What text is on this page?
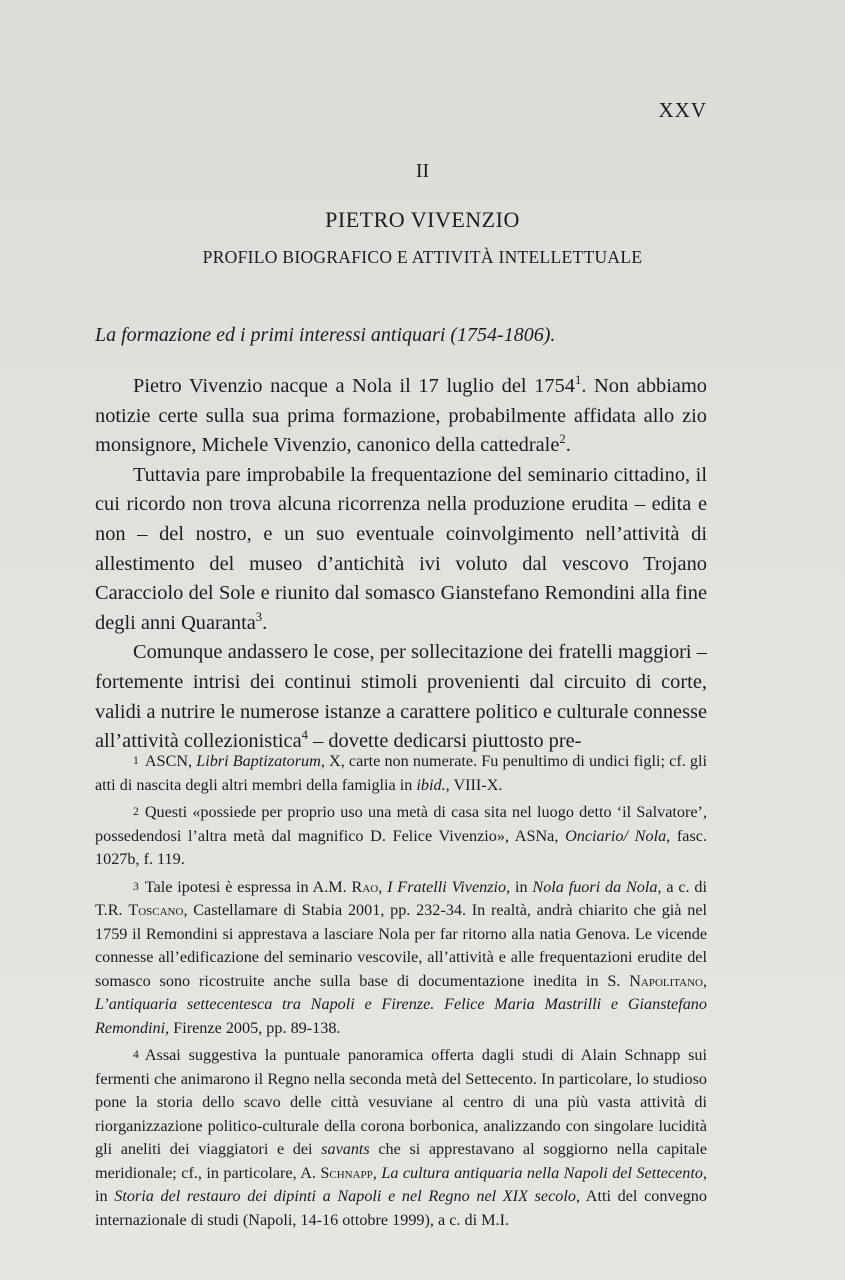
XXV
II
PIETRO VIVENZIO
PROFILO BIOGRAFICO E ATTIVITÀ INTELLETTUALE
La formazione ed i primi interessi antiquari (1754-1806).

Pietro Vivenzio nacque a Nola il 17 luglio del 1754$^1$. Non abbiamo notizie certe sulla sua prima formazione, probabilmente affidata allo zio monsignore, Michele Vivenzio, canonico della cattedrale$^2$.

Tuttavia pare improbabile la frequentazione del seminario cittadino, il cui ricordo non trova alcuna ricorrenza nella produzione erudita – edita e non – del nostro, e un suo eventuale coinvolgimento nell’attività di allestimento del museo d’antichità ivi voluto dal vescovo Trojano Caracciolo del Sole e riunito dal somasco Gianstefano Remondini alla fine degli anni Quaranta$^3$.

Comunque andassero le cose, per sollecitazione dei fratelli maggiori – fortemente intrisi dei continui stimoli provenienti dal circuito di corte, validi a nutrire le numerose istanze a carattere politico e culturale connesse all’attività collezionistica$^4$ – dovette dedicarsi piuttosto pre-

1 ASCN, Libri Baptizatorum, X, carte non numerate. Fu penultimo di undici figli; cf. gli atti di nascita degli altri membri della famiglia in ibid., VIII-X.

2 Questi «possiede per proprio uso una metà di casa sita nel luogo detto ‘il Salvatore’, possedendosi l’altra metà dal magnifico D. Felice Vivenzio», ASNa, Onciario/ Nola, fasc. 1027b, f. 119.

3 Tale ipotesi è espressa in A.M. Rao, I Fratelli Vivenzio, in Nola fuori da Nola, a c. di T.R. Toscano, Castellamare di Stabia 2001, pp. 232-34. In realtà, andrà chiarito che già nel 1759 il Remondini si apprestava a lasciare Nola per far ritorno alla natia Genova. Le vicende connesse all’edificazione del seminario vescovile, all’attività e alle frequentazioni erudite del somasco sono ricostruite anche sulla base di documentazione inedita in S. Napolitano, L’antiquaria settecentesca tra Napoli e Firenze. Felice Maria Mastrilli e Gianstefano Remondini, Firenze 2005, pp. 89-138.

4 Assai suggestiva la puntuale panoramica offerta dagli studi di Alain Schnapp sui fermenti che animarono il Regno nella seconda metà del Settecento. In particolare, lo studioso pone la storia dello scavo delle città vesuviane al centro di una più vasta attività di riorganizzazione politico-culturale della corona borbonica, analizzando con singolare lucidità gli aneliti dei viaggiatori e dei savants che si apprestavano al soggiorno nella capitale meridionale; cf., in particolare, A. Schnapp, La cultura antiquaria nella Napoli del Settecento, in Storia del restauro dei dipinti a Napoli e nel Regno nel XIX secolo, Atti del convegno internazionale di studi (Napoli, 14-16 ottobre 1999), a c. di M.I.
